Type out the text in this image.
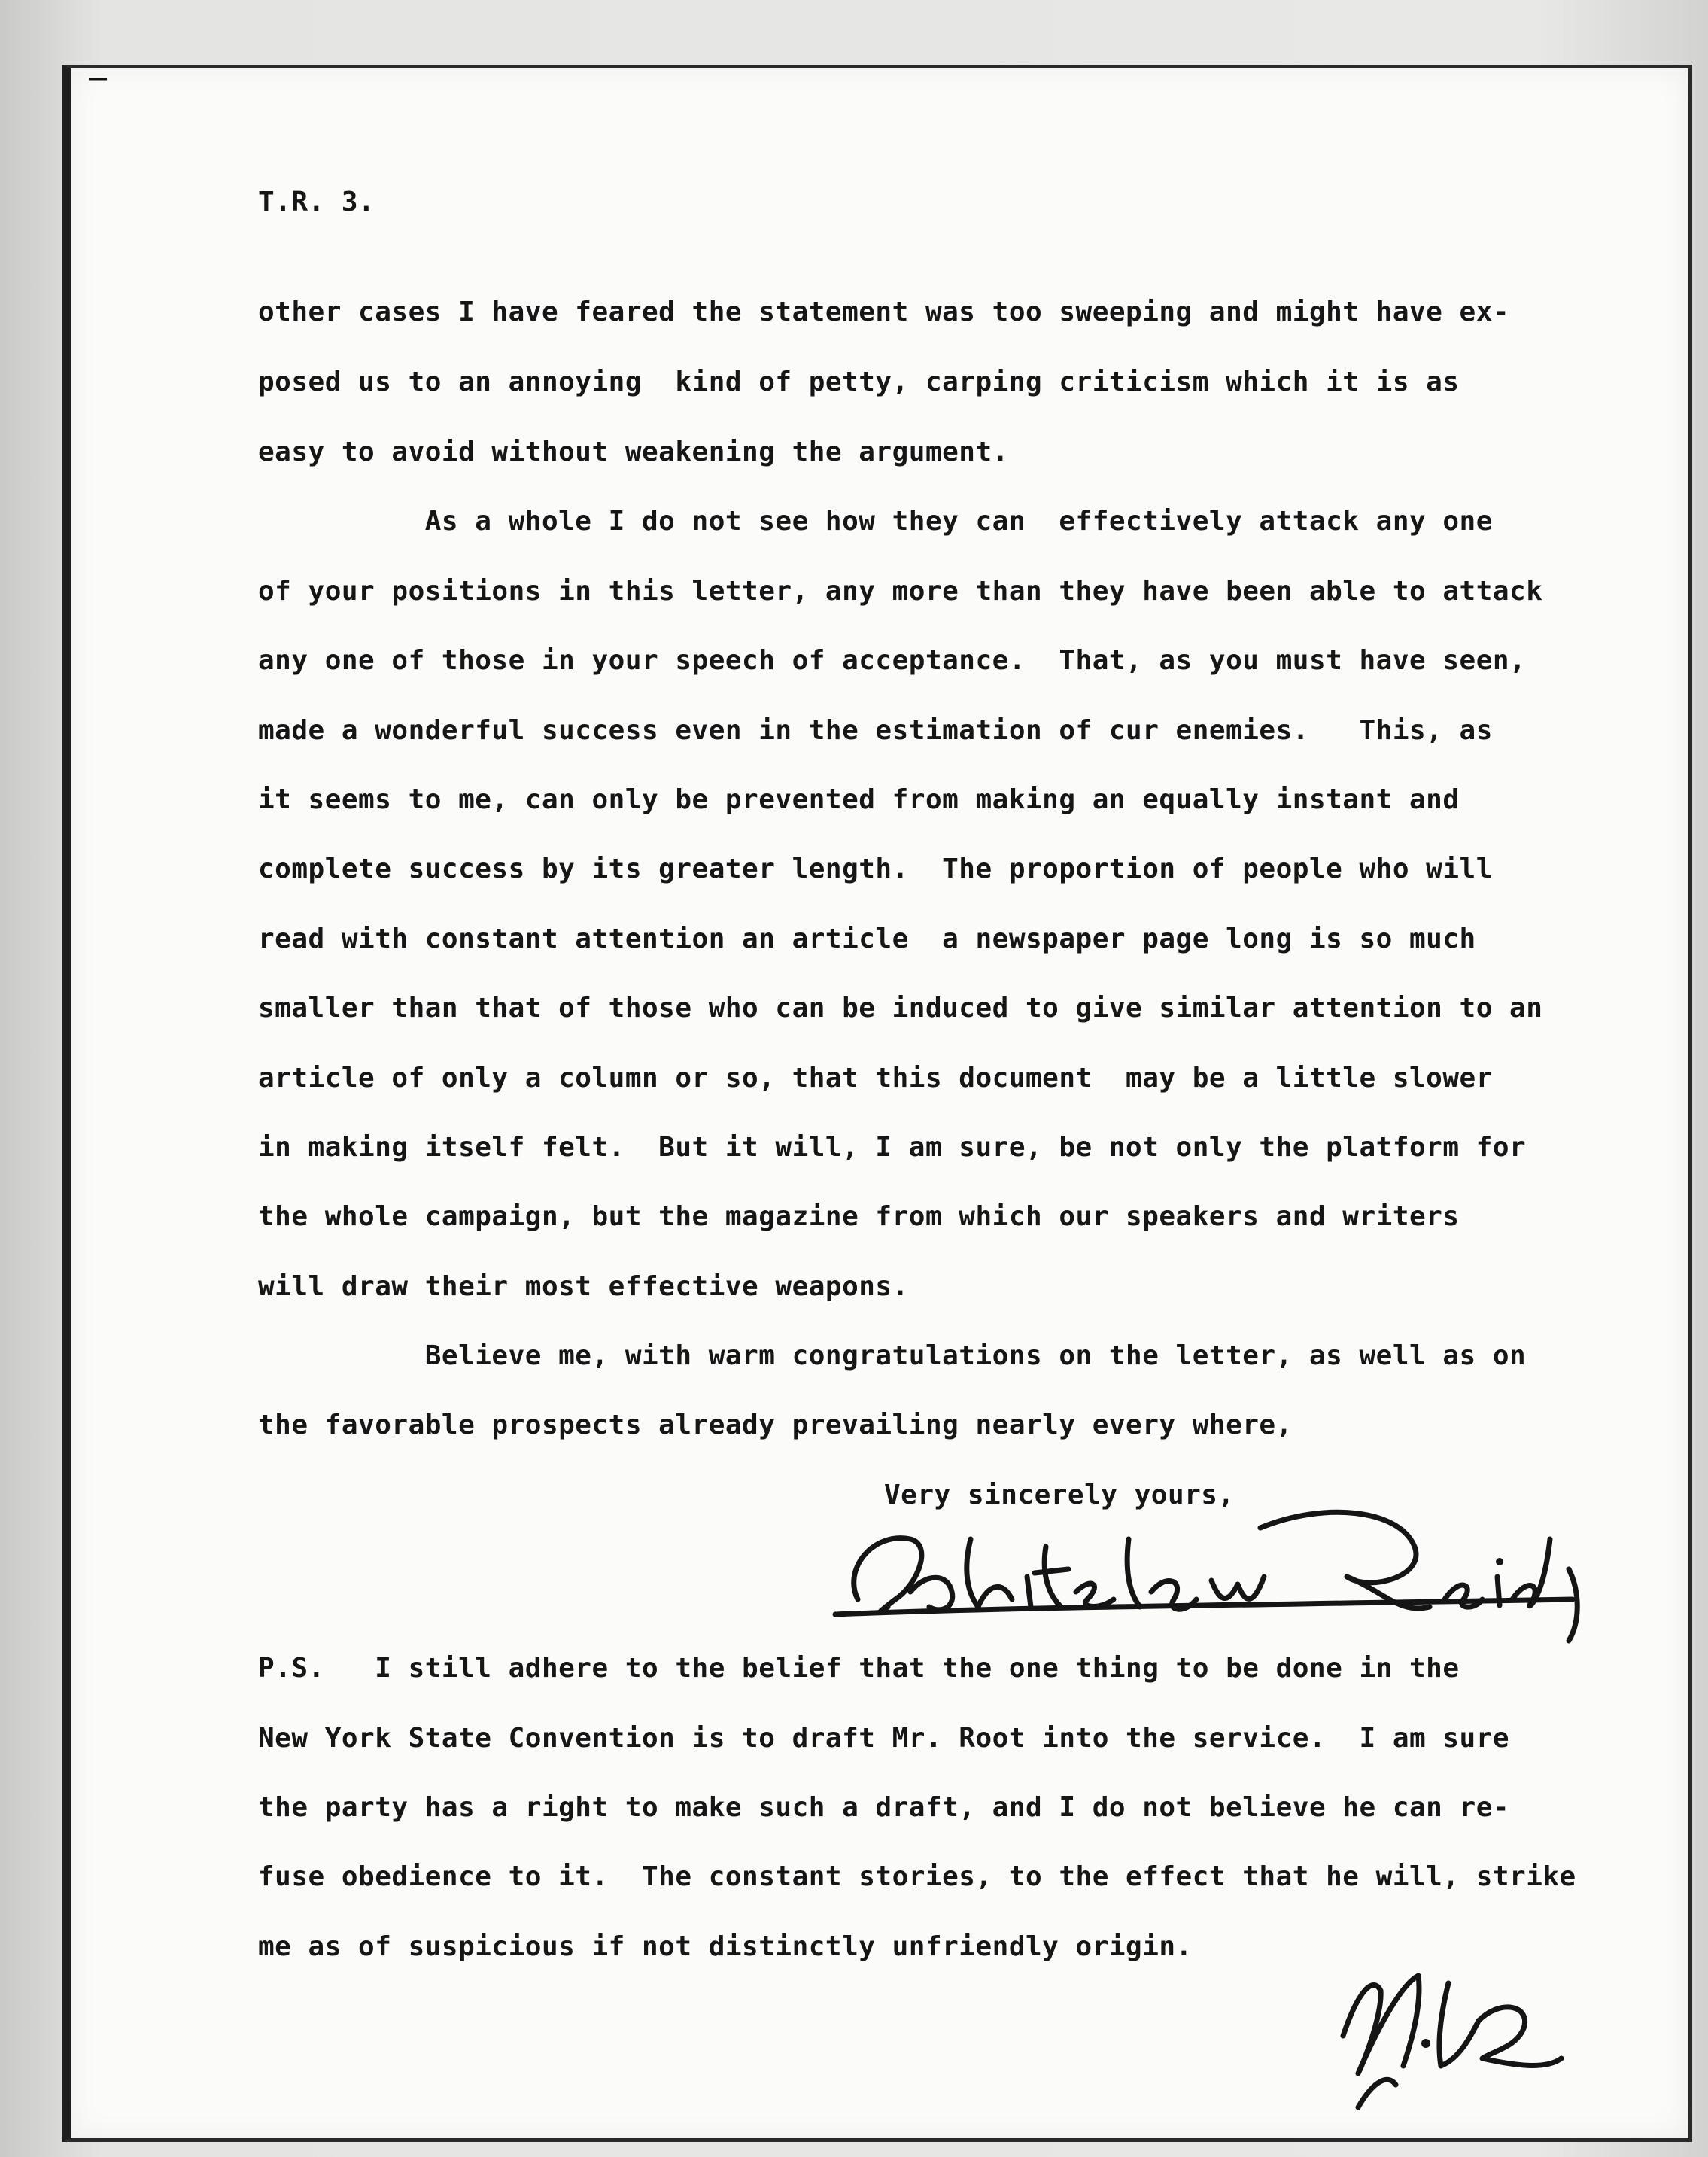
‒

T.R. 3.

other cases I have feared the statement was too sweeping and might have ex-

posed us to an annoying  kind of petty, carping criticism which it is as

easy to avoid without weakening the argument.

As a whole I do not see how they can  effectively attack any one

of your positions in this letter, any more than they have been able to attack

any one of those in your speech of acceptance.  That, as you must have seen,

made a wonderful success even in the estimation of cur enemies.   This, as

it seems to me, can only be prevented from making an equally instant and

complete success by its greater length.  The proportion of people who will

read with constant attention an article  a newspaper page long is so much

smaller than that of those who can be induced to give similar attention to an

article of only a column or so, that this document  may be a little slower

in making itself felt.  But it will, I am sure, be not only the platform for

the whole campaign, but the magazine from which our speakers and writers

will draw their most effective weapons.

Believe me, with warm congratulations on the letter, as well as on

the favorable prospects already prevailing nearly every where,

Very sincerely yours,

P.S.   I still adhere to the belief that the one thing to be done in the

New York State Convention is to draft Mr. Root into the service.  I am sure

the party has a right to make such a draft, and I do not believe he can re-

fuse obedience to it.  The constant stories, to the effect that he will, strike

me as of suspicious if not distinctly unfriendly origin.
